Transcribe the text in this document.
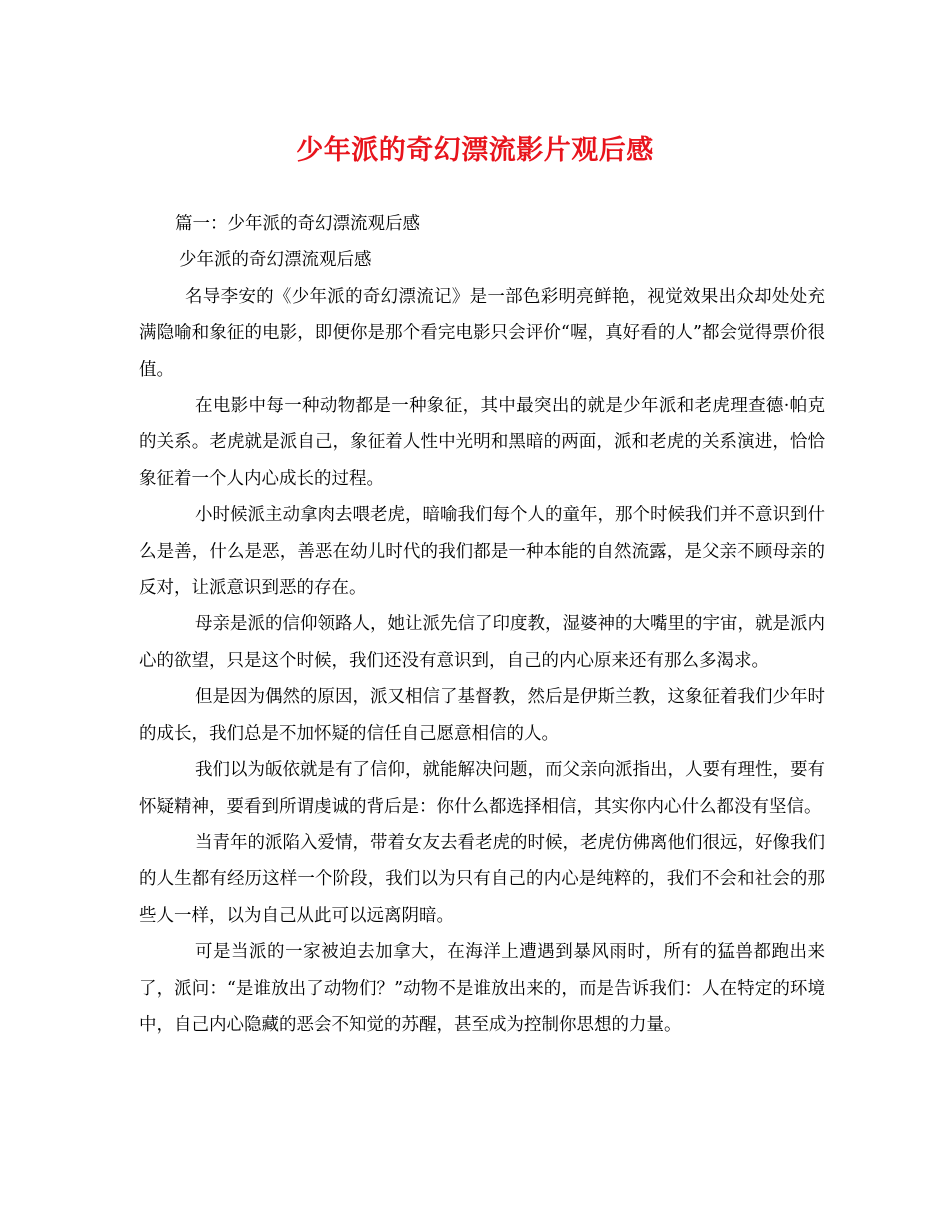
少年派的奇幻漂流影片观后感

篇一：少年派的奇幻漂流观后感

少年派的奇幻漂流观后感

名导李安的《少年派的奇幻漂流记》是一部色彩明亮鲜艳，视觉效果出众却处处充满隐喻和象征的电影，即便你是那个看完电影只会评价“喔，真好看的人”都会觉得票价很值。

在电影中每一种动物都是一种象征，其中最突出的就是少年派和老虎理查德·帕克的关系。老虎就是派自己，象征着人性中光明和黑暗的两面，派和老虎的关系演进，恰恰象征着一个人内心成长的过程。

小时候派主动拿肉去喂老虎，暗喻我们每个人的童年，那个时候我们并不意识到什么是善，什么是恶，善恶在幼儿时代的我们都是一种本能的自然流露，是父亲不顾母亲的反对，让派意识到恶的存在。

母亲是派的信仰领路人，她让派先信了印度教，湿婆神的大嘴里的宇宙，就是派内心的欲望，只是这个时候，我们还没有意识到，自己的内心原来还有那么多渴求。

但是因为偶然的原因，派又相信了基督教，然后是伊斯兰教，这象征着我们少年时的成长，我们总是不加怀疑的信任自己愿意相信的人。

我们以为皈依就是有了信仰，就能解决问题，而父亲向派指出，人要有理性，要有怀疑精神，要看到所谓虔诚的背后是：你什么都选择相信，其实你内心什么都没有坚信。

当青年的派陷入爱情，带着女友去看老虎的时候，老虎仿佛离他们很远，好像我们的人生都有经历这样一个阶段，我们以为只有自己的内心是纯粹的，我们不会和社会的那些人一样，以为自己从此可以远离阴暗。

可是当派的一家被迫去加拿大，在海洋上遭遇到暴风雨时，所有的猛兽都跑出来了，派问：“是谁放出了动物们？”动物不是谁放出来的，而是告诉我们：人在特定的环境中，自己内心隐藏的恶会不知觉的苏醒，甚至成为控制你思想的力量。
